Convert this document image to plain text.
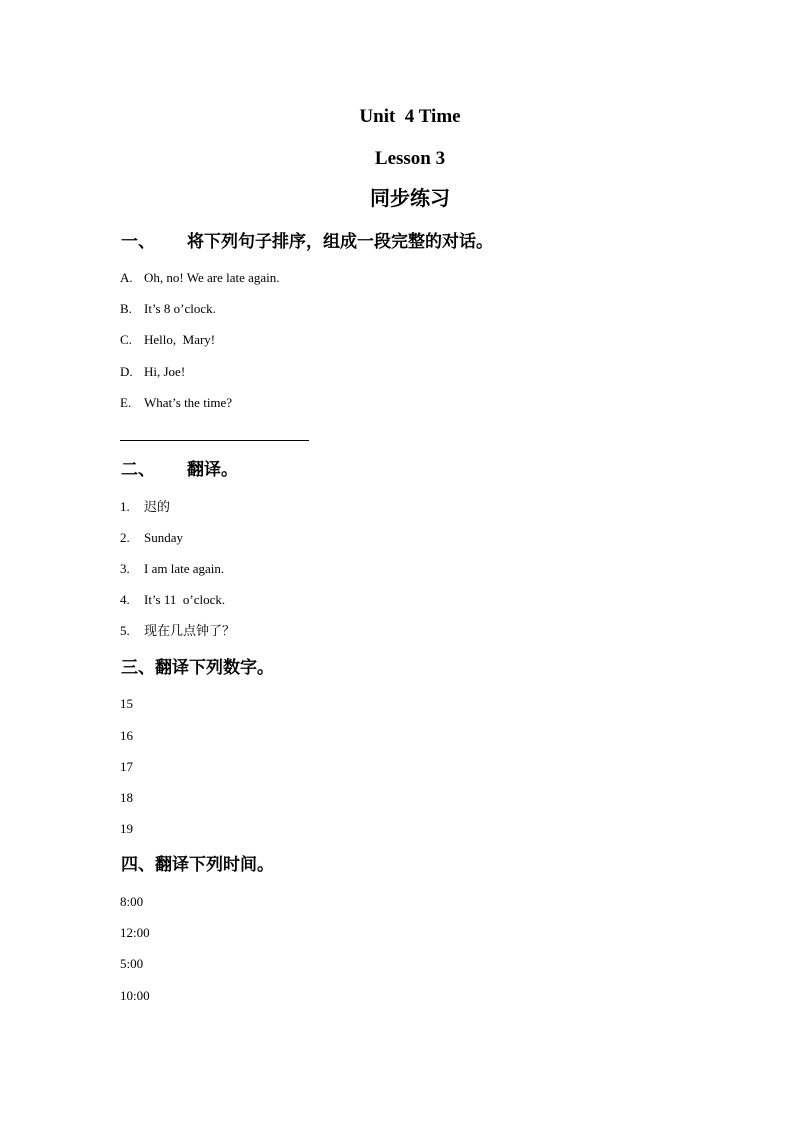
Unit  4 Time
Lesson 3
同步练习
一、 将下列句子排序，组成一段完整的对话。
A. Oh, no! We are late again.
B. It’s 8 o’clock.
C. Hello,  Mary!
D. Hi, Joe!
E. What’s the time?
二、 翻译。
1. 迟的
2. Sunday
3. I am late again.
4. It’s 11  o’clock.
5. 现在几点钟了？
三、翻译下列数字。
15
16
17
18
19
四、翻译下列时间。
8:00
12:00
5:00
10:00
